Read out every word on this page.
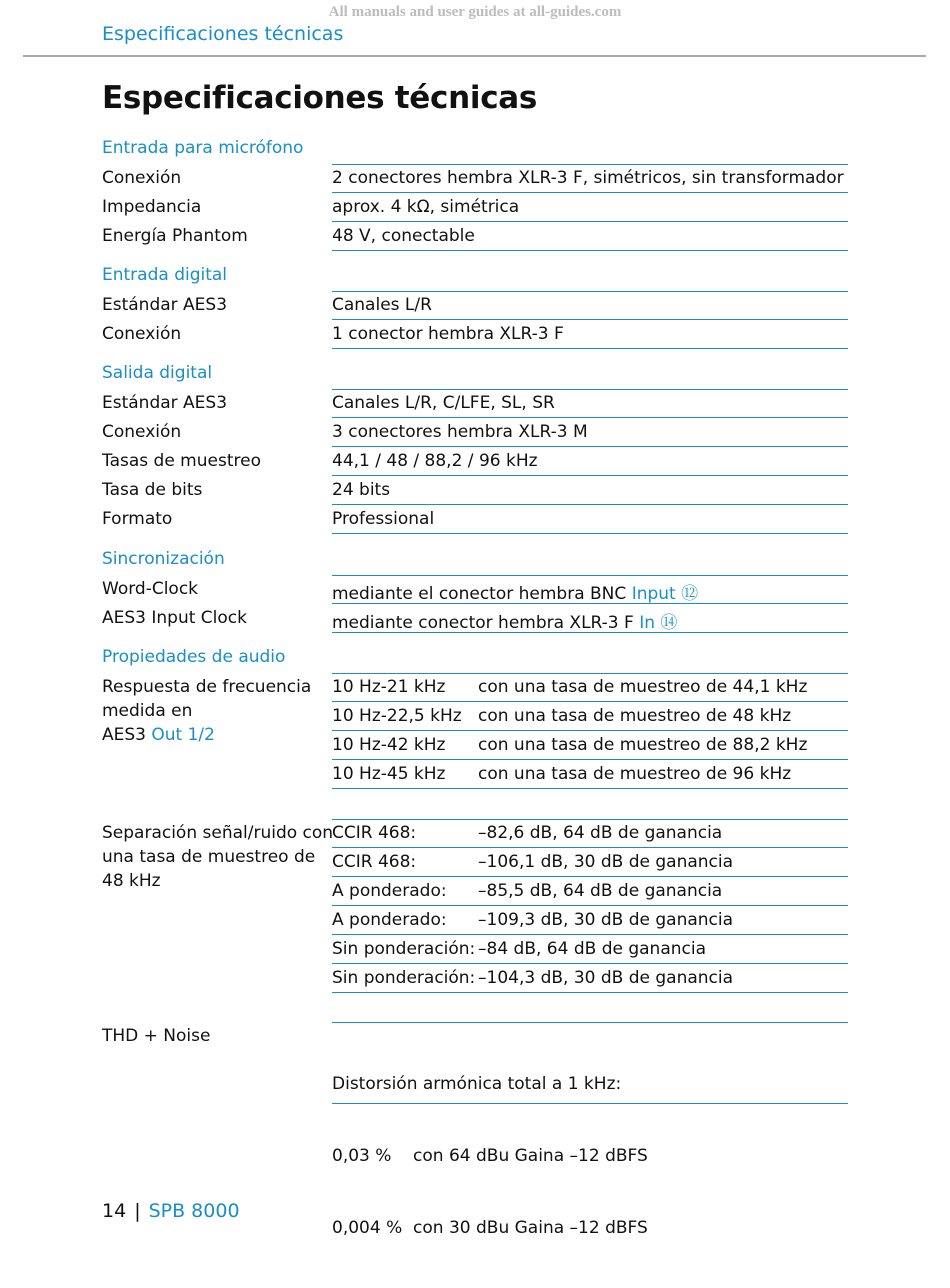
All manuals and user guides at all-guides.com
Especificaciones técnicas
Especificaciones técnicas
Entrada para micrófono
Conexión	2 conectores hembra XLR-3 F, simétricos, sin transformador
Impedancia	aprox. 4 kΩ, simétrica
Energía Phantom	48 V, conectable
Entrada digital
Estándar AES3	Canales L/R
Conexión	1 conector hembra XLR-3 F
Salida digital
Estándar AES3	Canales L/R, C/LFE, SL, SR
Conexión	3 conectores hembra XLR-3 M
Tasas de muestreo	44,1 / 48 / 88,2 / 96 kHz
Tasa de bits	24 bits
Formato	Professional
Sincronización
Word-Clock	mediante el conector hembra BNC Input ⑫
AES3 Input Clock	mediante conector hembra XLR-3 F In ⑭
Propiedades de audio
Respuesta de frecuencia
medida en
AES3 Out 1/2
10 Hz-21 kHz con una tasa de muestreo de 44,1 kHz
10 Hz-22,5 kHz con una tasa de muestreo de 48 kHz
10 Hz-42 kHz con una tasa de muestreo de 88,2 kHz
10 Hz-45 kHz con una tasa de muestreo de 96 kHz
Separación señal/ruido con
una tasa de muestreo de
48 kHz
CCIR 468:	–82,6 dB, 64 dB de ganancia
CCIR 468:	–106,1 dB, 30 dB de ganancia
A ponderado: –85,5 dB, 64 dB de ganancia
A ponderado: –109,3 dB, 30 dB de ganancia
Sin ponderación: –84 dB, 64 dB de ganancia
Sin ponderación: –104,3 dB, 30 dB de ganancia
THD + Noise

Distorsión armónica total a 1 kHz:

0,03 %    con 64 dBu Gaina –12 dBFS

0,004 %  con 30 dBu Gaina –12 dBFS

14 | SPB 8000
